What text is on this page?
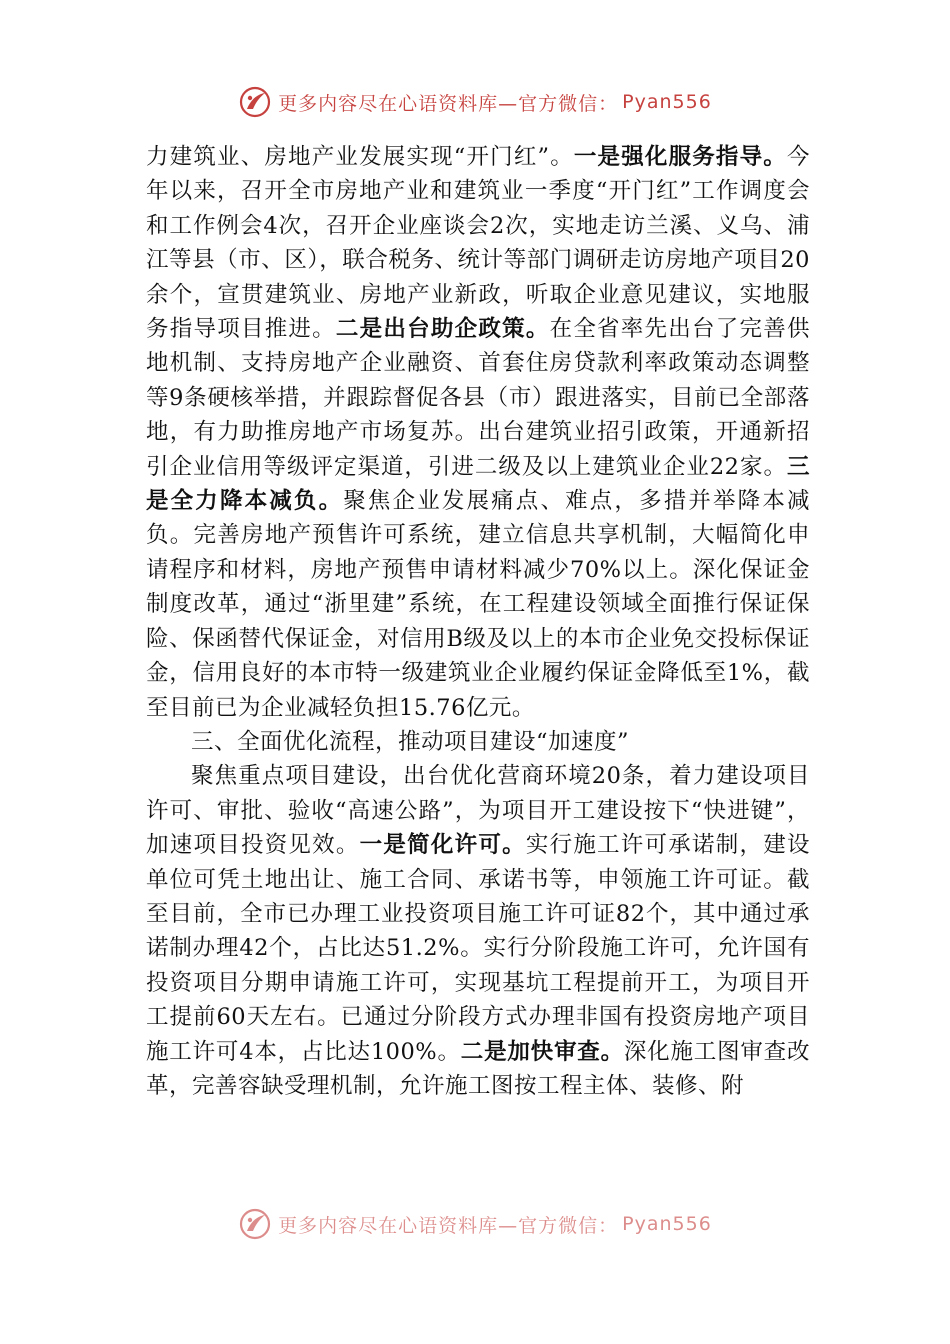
更多内容尽在心语资料库—官方微信： Pyan556

力建筑业、房地产业发展实现“开门红”。一是强化服务指导。今年以来，召开全市房地产业和建筑业一季度“开门红”工作调度会和工作例会4次，召开企业座谈会2次，实地走访兰溪、义乌、浦江等县（市、区），联合税务、统计等部门调研走访房地产项目20余个，宣贯建筑业、房地产业新政，听取企业意见建议，实地服务指导项目推进。二是出台助企政策。在全省率先出台了完善供地机制、支持房地产企业融资、首套住房贷款利率政策动态调整等9条硬核举措，并跟踪督促各县（市）跟进落实，目前已全部落地，有力助推房地产市场复苏。出台建筑业招引政策，开通新招引企业信用等级评定渠道，引进二级及以上建筑业企业22家。三是全力降本减负。聚焦企业发展痛点、难点，多措并举降本减负。完善房地产预售许可系统，建立信息共享机制，大幅简化申请程序和材料，房地产预售申请材料减少70%以上。深化保证金制度改革，通过“浙里建”系统，在工程建设领域全面推行保证保险、保函替代保证金，对信用B级及以上的本市企业免交投标保证金，信用良好的本市特一级建筑业企业履约保证金降低至1%，截至目前已为企业减轻负担15.76亿元。

三、全面优化流程，推动项目建设“加速度”

聚焦重点项目建设，出台优化营商环境20条，着力建设项目许可、审批、验收“高速公路”，为项目开工建设按下“快进键”，加速项目投资见效。一是简化许可。实行施工许可承诺制，建设单位可凭土地出让、施工合同、承诺书等，申领施工许可证。截至目前，全市已办理工业投资项目施工许可证82个，其中通过承诺制办理42个，占比达51.2%。实行分阶段施工许可，允许国有投资项目分期申请施工许可，实现基坑工程提前开工，为项目开工提前60天左右。已通过分阶段方式办理非国有投资房地产项目施工许可4本，占比达100%。二是加快审查。深化施工图审查改革，完善容缺受理机制，允许施工图按工程主体、装修、附

更多内容尽在心语资料库—官方微信： Pyan556
